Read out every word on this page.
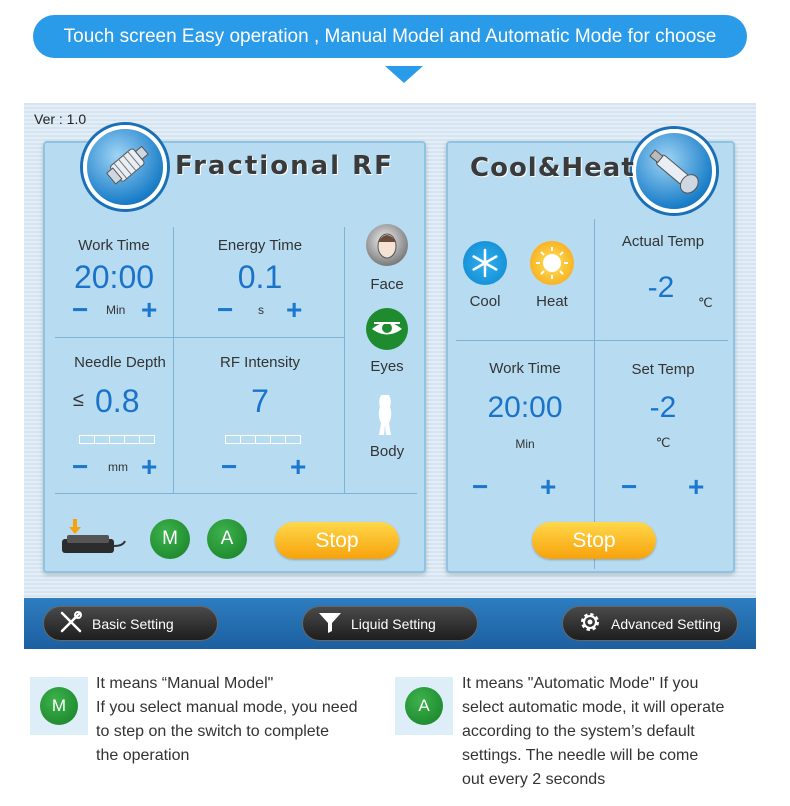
Touch screen Easy operation , Manual Model and Automatic Mode for choose
Ver : 1.0
Fractional RF
Work Time
20:00
− Min +
Energy Time
0.1
− s +
Needle Depth
≤ 0.8
− mm +
RF Intensity
7
− +
Face
Eyes
Body
M	A	Stop
Cool&Heat
Cool	Heat
Actual Temp
-2	℃
Work Time
20:00
Min
− +
Set Temp
-2
℃
− +
Stop
Basic Setting	Liquid Setting	Advanced Setting
M
It means “Manual Model"
If you select manual mode, you need
to step on the switch to complete
the operation
A
It means "Automatic Mode" If you
select automatic mode, it will operate
according to the system’s default
settings. The needle will be come
out every 2 seconds
